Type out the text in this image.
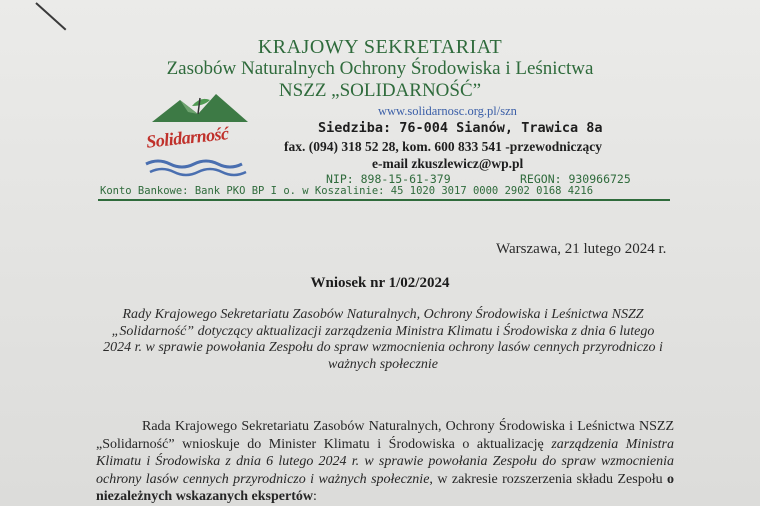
KRAJOWY SEKRETARIAT
Zasobów Naturalnych Ochrony Środowiska i Leśnictwa
NSZZ „SOLIDARNOŚĆ”
Solidarność
www.solidarnosc.org.pl/szn
Siedziba: 76-004 Sianów, Trawica 8a
fax. (094) 318 52 28, kom. 600 833 541 -przewodniczący
e-mail zkuszlewicz@wp.pl
NIP: 898-15-61-379	REGON: 930966725
Konto Bankowe: Bank PKO BP I o. w Koszalinie: 45 1020 3017 0000 2902 0168 4216
Warszawa, 21 lutego 2024 r.
Wniosek nr 1/02/2024
Rady Krajowego Sekretariatu Zasobów Naturalnych, Ochrony Środowiska i Leśnictwa NSZZ „Solidarność” dotyczący aktualizacji zarządzenia Ministra Klimatu i Środowiska z dnia 6 lutego 2024 r. w sprawie powołania Zespołu do spraw wzmocnienia ochrony lasów cennych przyrodniczo i ważnych społecznie
Rada Krajowego Sekretariatu Zasobów Naturalnych, Ochrony Środowiska i Leśnictwa NSZZ „Solidarność” wnioskuje do Minister Klimatu i Środowiska o aktualizację zarządzenia Ministra Klimatu i Środowiska z dnia 6 lutego 2024 r. w sprawie powołania Zespołu do spraw wzmocnienia ochrony lasów cennych przyrodniczo i ważnych społecznie, w zakresie rozszerzenia składu Zespołu o niezależnych wskazanych ekspertów:
